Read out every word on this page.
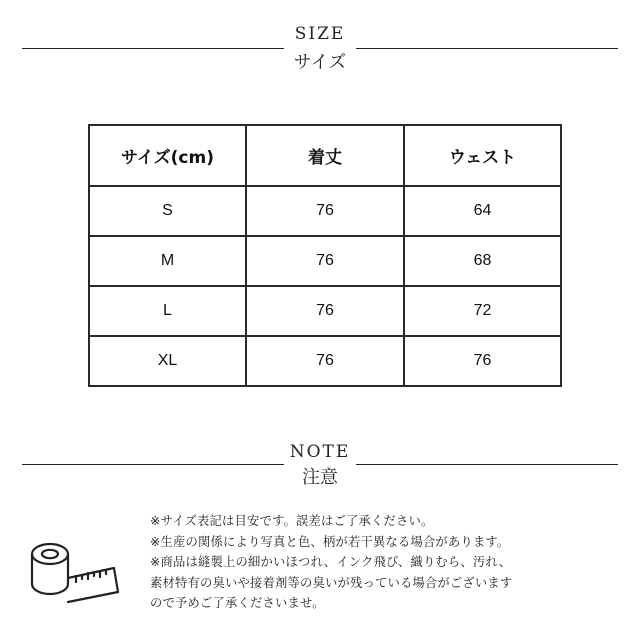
SIZE
サイズ
サイズ(cm)	着丈	ウェスト
S	76	64
M	76	68
L	76	72
XL	76	76
NOTE
注意
※サイズ表記は目安です。誤差はご了承ください。
※生産の関係により写真と色、柄が若干異なる場合があります。
※商品は縫製上の細かいほつれ、インク飛び、織りむら、汚れ、
素材特有の臭いや接着剤等の臭いが残っている場合がございます
ので予めご了承くださいませ。
